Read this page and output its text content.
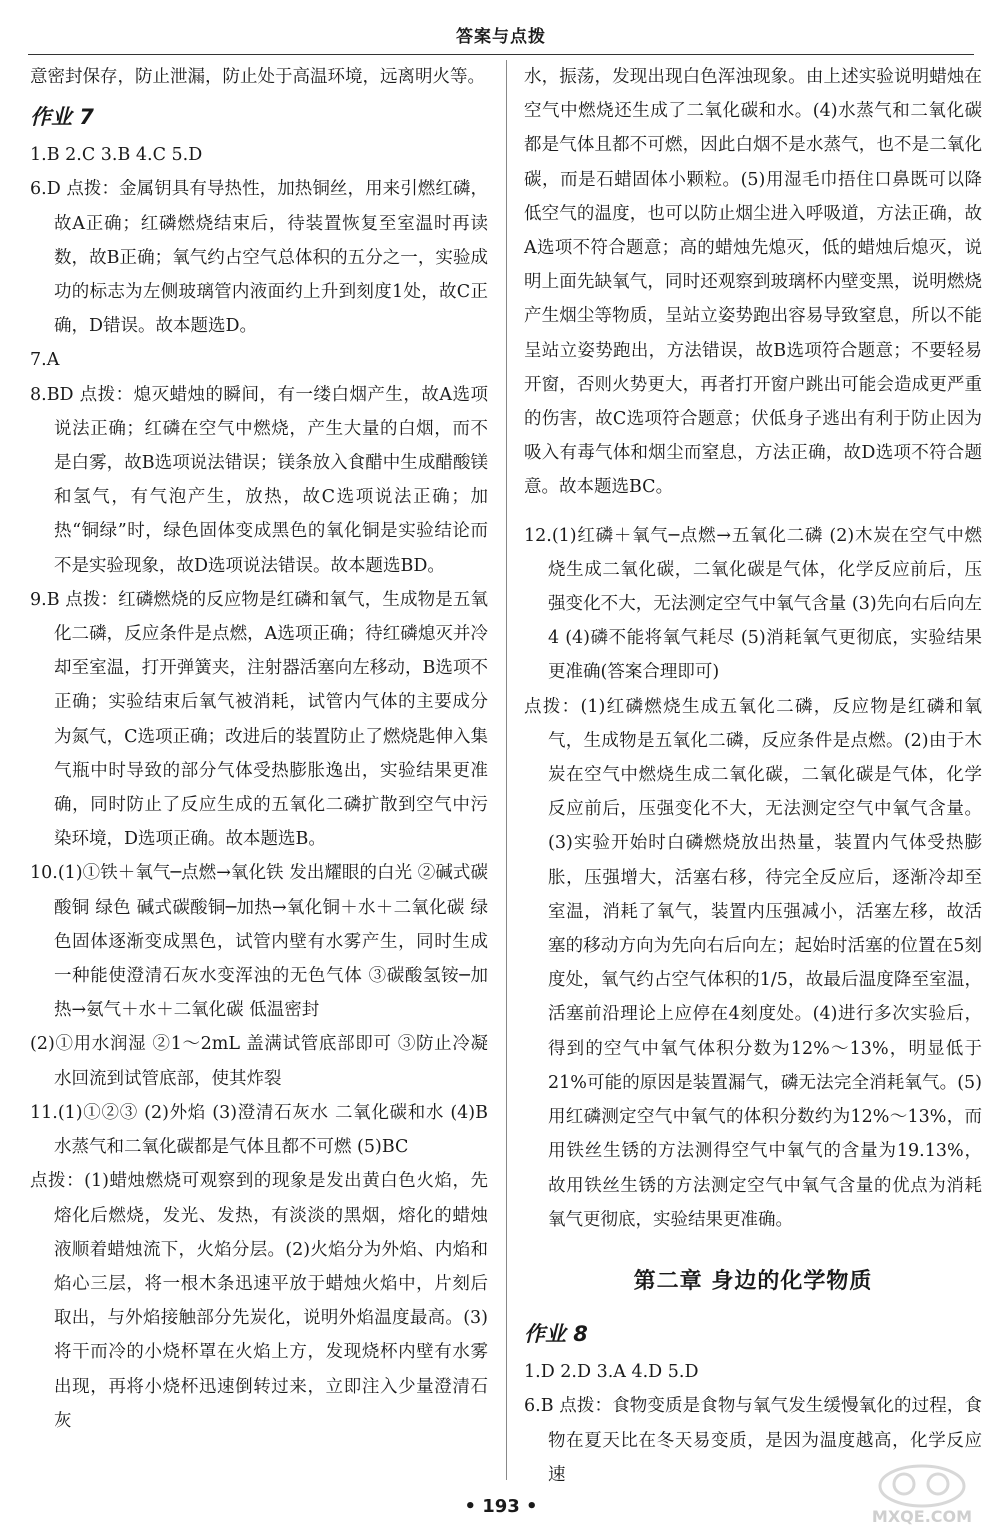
答案与点拨

意密封保存，防止泄漏，防止处于高温环境，远离明火等。

作业 7

1.B 2.C 3.B 4.C 5.D

6.D 点拨：金属钥具有导热性，加热铜丝，用来引燃红磷，故A正确；红磷燃烧结束后，待装置恢复至室温时再读数，故B正确；氧气约占空气总体积的五分之一，实验成功的标志为左侧玻璃管内液面约上升到刻度1处，故C正确，D错误。故本题选D。

7.A

8.BD 点拨：熄灭蜡烛的瞬间，有一缕白烟产生，故A选项说法正确；红磷在空气中燃烧，产生大量的白烟，而不是白雾，故B选项说法错误；镁条放入食醋中生成醋酸镁和氢气，有气泡产生，放热，故C选项说法正确；加热“铜绿”时，绿色固体变成黑色的氧化铜是实验结论而不是实验现象，故D选项说法错误。故本题选BD。

9.B 点拨：红磷燃烧的反应物是红磷和氧气，生成物是五氧化二磷，反应条件是点燃，A选项正确；待红磷熄灭并冷却至室温，打开弹簧夹，注射器活塞向左移动，B选项不正确；实验结束后氧气被消耗，试管内气体的主要成分为氮气，C选项正确；改进后的装置防止了燃烧匙伸入集气瓶中时导致的部分气体受热膨胀逸出，实验结果更准确，同时防止了反应生成的五氧化二磷扩散到空气中污染环境，D选项正确。故本题选B。

10.(1)①铁＋氧气─点燃→氧化铁 发出耀眼的白光 ②碱式碳酸铜 绿色 碱式碳酸铜─加热→氧化铜＋水＋二氧化碳 绿色固体逐渐变成黑色，试管内壁有水雾产生，同时生成一种能使澄清石灰水变浑浊的无色气体 ③碳酸氢铵─加热→氨气＋水＋二氧化碳 低温密封

(2)①用水润湿 ②1～2mL 盖满试管底部即可 ③防止冷凝水回流到试管底部，使其炸裂

11.(1)①②③ (2)外焰 (3)澄清石灰水 二氧化碳和水 (4)B 水蒸气和二氧化碳都是气体且都不可燃 (5)BC

点拨：(1)蜡烛燃烧可观察到的现象是发出黄白色火焰，先熔化后燃烧，发光、发热，有淡淡的黑烟，熔化的蜡烛液顺着蜡烛流下，火焰分层。(2)火焰分为外焰、内焰和焰心三层，将一根木条迅速平放于蜡烛火焰中，片刻后取出，与外焰接触部分先炭化，说明外焰温度最高。(3)将干而冷的小烧杯罩在火焰上方，发现烧杯内壁有水雾出现，再将小烧杯迅速倒转过来，立即注入少量澄清石灰

水，振荡，发现出现白色浑浊现象。由上述实验说明蜡烛在空气中燃烧还生成了二氧化碳和水。(4)水蒸气和二氧化碳都是气体且都不可燃，因此白烟不是水蒸气，也不是二氧化碳，而是石蜡固体小颗粒。(5)用湿毛巾捂住口鼻既可以降低空气的温度，也可以防止烟尘进入呼吸道，方法正确，故A选项不符合题意；高的蜡烛先熄灭，低的蜡烛后熄灭，说明上面先缺氧气，同时还观察到玻璃杯内壁变黑，说明燃烧产生烟尘等物质，呈站立姿势跑出容易导致窒息，所以不能呈站立姿势跑出，方法错误，故B选项符合题意；不要轻易开窗，否则火势更大，再者打开窗户跳出可能会造成更严重的伤害，故C选项符合题意；伏低身子逃出有利于防止因为吸入有毒气体和烟尘而窒息，方法正确，故D选项不符合题意。故本题选BC。

12.(1)红磷＋氧气─点燃→五氧化二磷 (2)木炭在空气中燃烧生成二氧化碳，二氧化碳是气体，化学反应前后，压强变化不大，无法测定空气中氧气含量 (3)先向右后向左 4 (4)磷不能将氧气耗尽 (5)消耗氧气更彻底，实验结果更准确(答案合理即可)

点拨：(1)红磷燃烧生成五氧化二磷，反应物是红磷和氧气，生成物是五氧化二磷，反应条件是点燃。(2)由于木炭在空气中燃烧生成二氧化碳，二氧化碳是气体，化学反应前后，压强变化不大，无法测定空气中氧气含量。(3)实验开始时白磷燃烧放出热量，装置内气体受热膨胀，压强增大，活塞右移，待完全反应后，逐渐冷却至室温，消耗了氧气，装置内压强减小，活塞左移，故活塞的移动方向为先向右后向左；起始时活塞的位置在5刻度处，氧气约占空气体积的1/5，故最后温度降至室温，活塞前沿理论上应停在4刻度处。(4)进行多次实验后，得到的空气中氧气体积分数为12%～13%，明显低于21%可能的原因是装置漏气，磷无法完全消耗氧气。(5)用红磷测定空气中氧气的体积分数约为12%～13%，而用铁丝生锈的方法测得空气中氧气的含量为19.13%，故用铁丝生锈的方法测定空气中氧气含量的优点为消耗氧气更彻底，实验结果更准确。

第二章 身边的化学物质
作业 8

1.D 2.D 3.A 4.D 5.D

6.B 点拨：食物变质是食物与氧气发生缓慢氧化的过程，食物在夏天比在冬天易变质，是因为温度越高，化学反应速

• 193 •	MXQE.COM
